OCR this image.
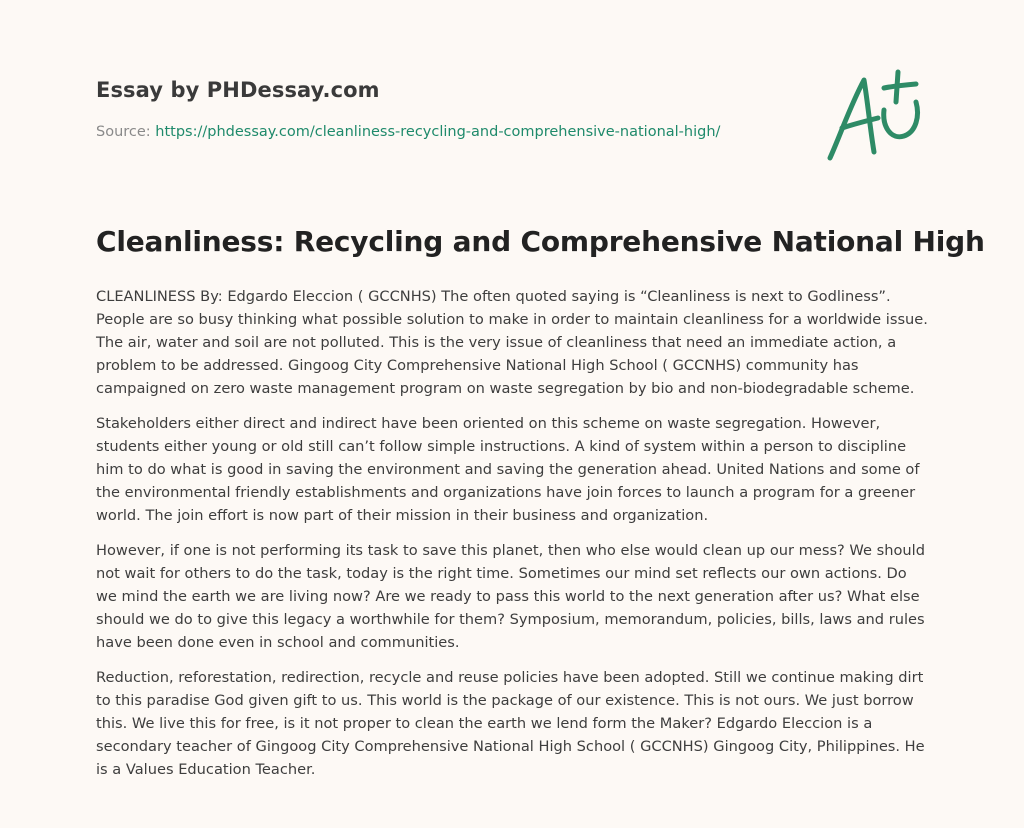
Essay by PHDessay.com

Source: https://phdessay.com/cleanliness-recycling-and-comprehensive-national-high/

Cleanliness: Recycling and Comprehensive National High

CLEANLINESS By: Edgardo Eleccion ( GCCNHS) The often quoted saying is “Cleanliness is next to Godliness”. People are so busy thinking what possible solution to make in order to maintain cleanliness for a worldwide issue. The air, water and soil are not polluted. This is the very issue of cleanliness that need an immediate action, a problem to be addressed. Gingoog City Comprehensive National High School ( GCCNHS) community has campaigned on zero waste management program on waste segregation by bio and non-biodegradable scheme.

Stakeholders either direct and indirect have been oriented on this scheme on waste segregation. However, students either young or old still can’t follow simple instructions. A kind of system within a person to discipline him to do what is good in saving the environment and saving the generation ahead. United Nations and some of the environmental friendly establishments and organizations have join forces to launch a program for a greener world. The join effort is now part of their mission in their business and organization.

However, if one is not performing its task to save this planet, then who else would clean up our mess? We should not wait for others to do the task, today is the right time. Sometimes our mind set reflects our own actions. Do we mind the earth we are living now? Are we ready to pass this world to the next generation after us? What else should we do to give this legacy a worthwhile for them? Symposium, memorandum, policies, bills, laws and rules have been done even in school and communities.

Reduction, reforestation, redirection, recycle and reuse policies have been adopted. Still we continue making dirt to this paradise God given gift to us. This world is the package of our existence. This is not ours. We just borrow this. We live this for free, is it not proper to clean the earth we lend form the Maker? Edgardo Eleccion is a secondary teacher of Gingoog City Comprehensive National High School ( GCCNHS) Gingoog City, Philippines. He is a Values Education Teacher.
